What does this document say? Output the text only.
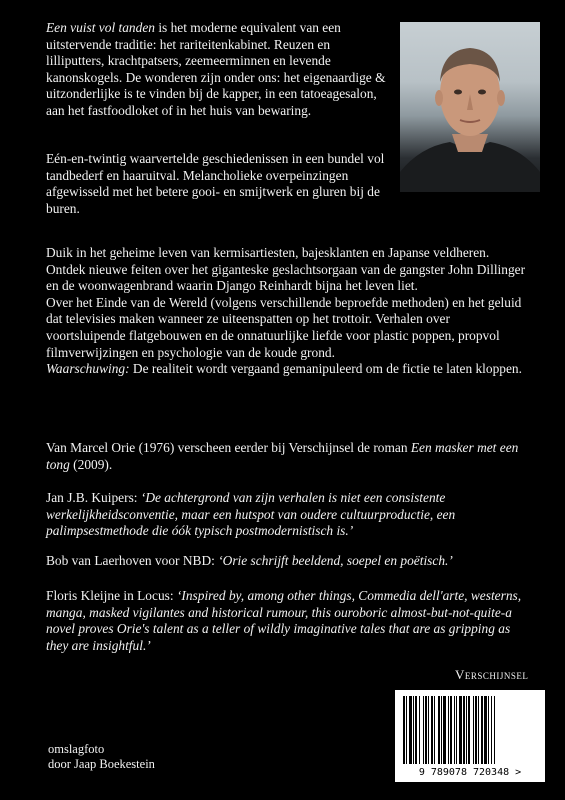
Een vuist vol tanden is het moderne equivalent van een uitstervende traditie: het rariteitenkabinet. Reuzen en lilliputters, krachtpatsers, zeemeerminnen en levende kanonskogels. De wonderen zijn onder ons: het eigenaardige & uitzonderlijke is te vinden bij de kapper, in een tatoeagesalon, aan het fastfoodloket of in het huis van bewaring.

Eén-en-twintig waarvertelde geschiedenissen in een bundel vol tandbederf en haaruitval. Melancholieke overpeinzingen afgewisseld met het betere gooi- en smijtwerk en gluren bij de buren.

Duik in het geheime leven van kermisartiesten, bajesklanten en Japanse veldheren. Ontdek nieuwe feiten over het giganteske geslachtsorgaan van de gangster John Dillinger en de woonwagenbrand waarin Django Reinhardt bijna het leven liet.
Over het Einde van de Wereld (volgens verschillende beproefde methoden) en het geluid dat televisies maken wanneer ze uiteenspatten op het trottoir. Verhalen over voortsluipende flatgebouwen en de onnatuurlijke liefde voor plastic poppen, propvol filmverwijzingen en psychologie van de koude grond.
Waarschuwing: De realiteit wordt vergaand gemanipuleerd om de fictie te laten kloppen.

Van Marcel Orie (1976) verscheen eerder bij Verschijnsel de roman Een masker met een tong (2009).

Jan J.B. Kuipers: ‘De achtergrond van zijn verhalen is niet een consistente werkelijkheidsconventie, maar een hutspot van oudere cultuurproductie, een palimpsestmethode die óók typisch postmodernistisch is.’

Bob van Laerhoven voor NBD: ‘Orie schrijft beeldend, soepel en poëtisch.’

Floris Kleijne in Locus: ‘Inspired by, among other things, Commedia dell'arte, westerns, manga, masked vigilantes and historical rumour, this ouroboric almost-but-not-quite-a novel proves Orie's talent as a teller of wildly imaginative tales that are as gripping as they are insightful.’

Verschijnsel
omslagfoto
door Jaap Boekestein
9 789078 720348 >
